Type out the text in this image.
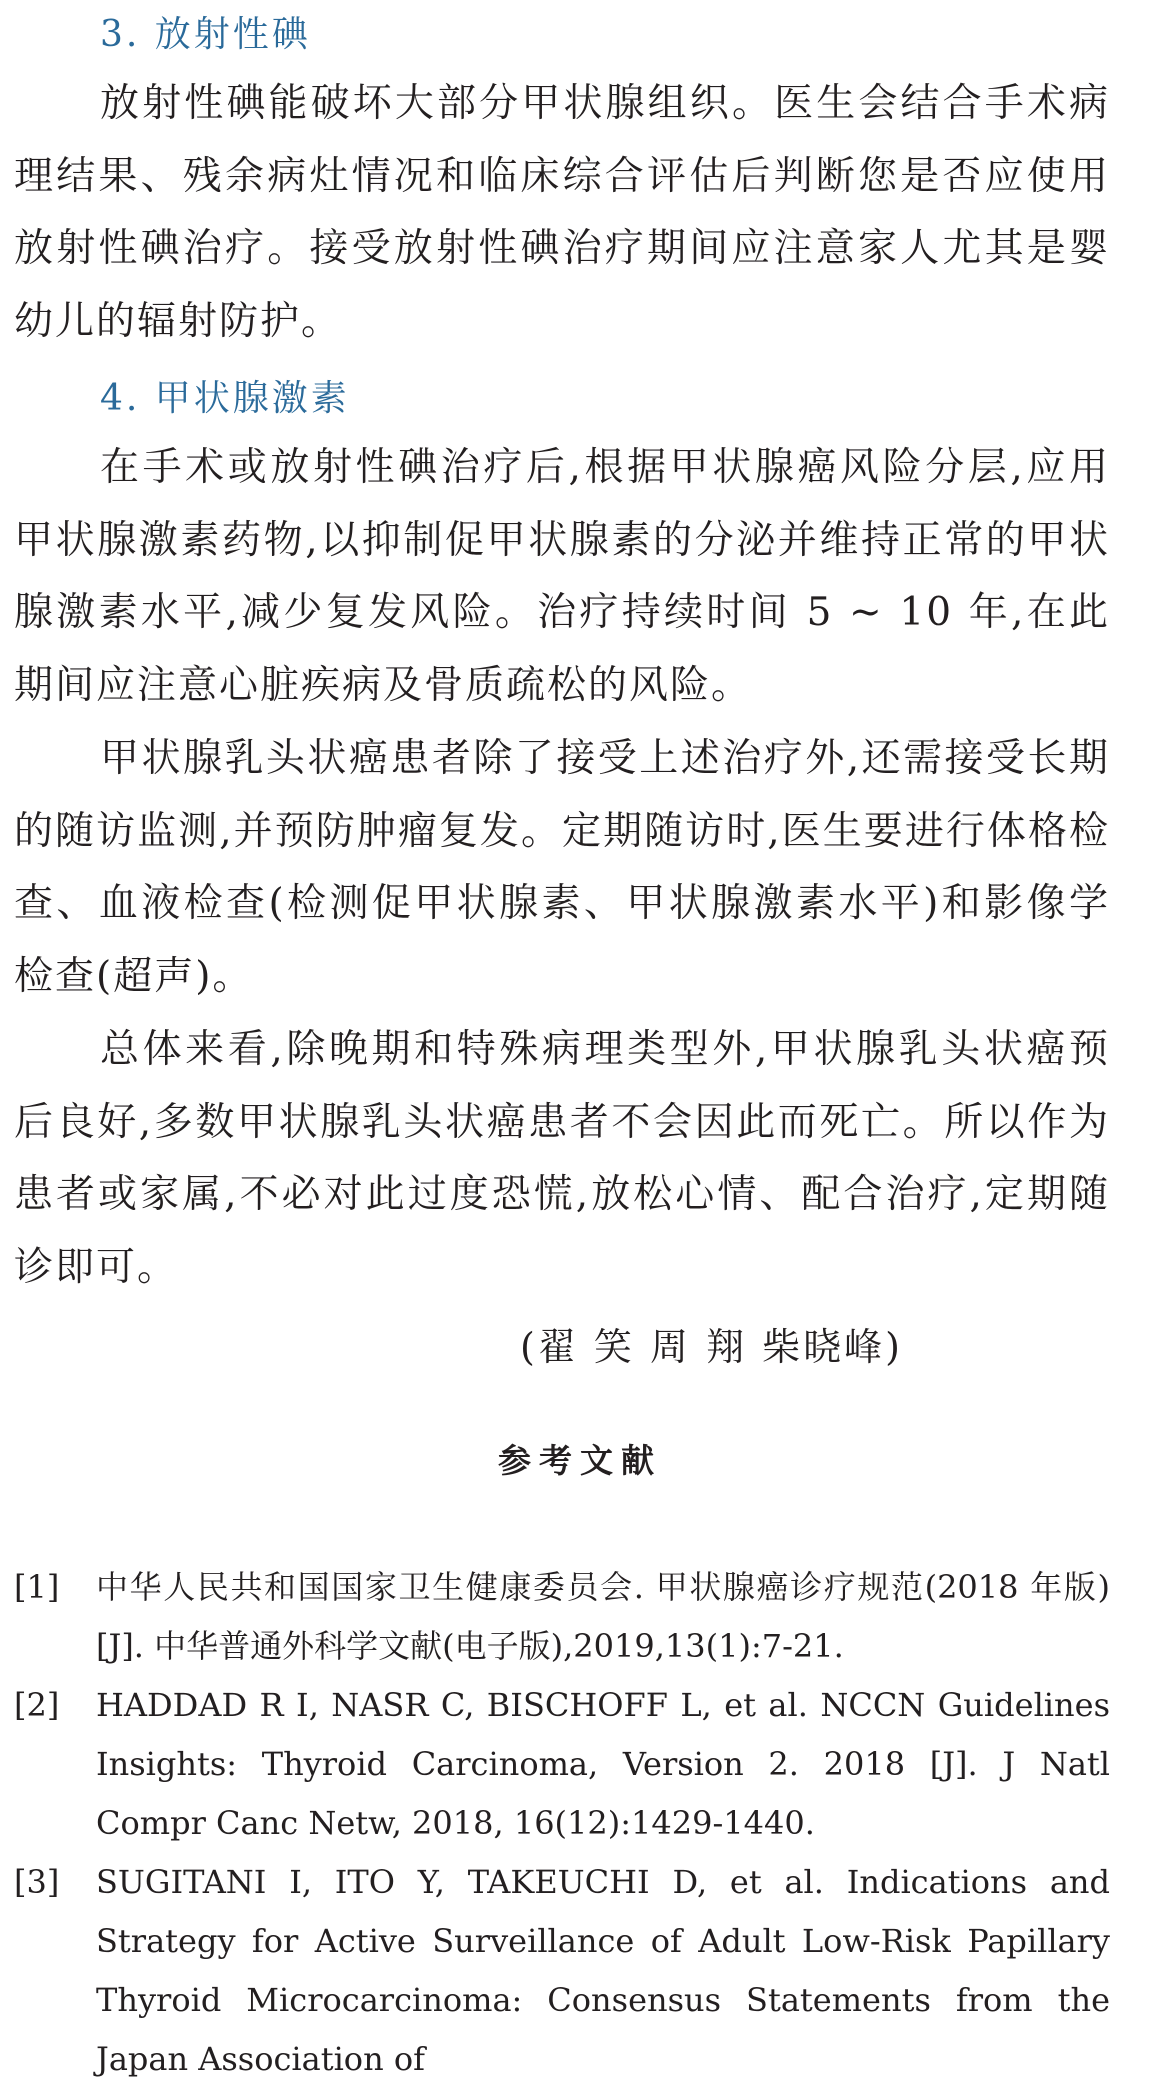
3. 放射性碘

放射性碘能破坏大部分甲状腺组织。医生会结合手术病理结果、残余病灶情况和临床综合评估后判断您是否应使用放射性碘治疗。接受放射性碘治疗期间应注意家人尤其是婴幼儿的辐射防护。

4. 甲状腺激素

在手术或放射性碘治疗后,根据甲状腺癌风险分层,应用甲状腺激素药物,以抑制促甲状腺素的分泌并维持正常的甲状腺激素水平,减少复发风险。治疗持续时间 5 ~ 10 年,在此期间应注意心脏疾病及骨质疏松的风险。

甲状腺乳头状癌患者除了接受上述治疗外,还需接受长期的随访监测,并预防肿瘤复发。定期随访时,医生要进行体格检查、血液检查(检测促甲状腺素、甲状腺激素水平)和影像学检查(超声)。

总体来看,除晚期和特殊病理类型外,甲状腺乳头状癌预后良好,多数甲状腺乳头状癌患者不会因此而死亡。所以作为患者或家属,不必对此过度恐慌,放松心情、配合治疗,定期随诊即可。

(翟 笑 周 翔 柴晓峰)

参考文献
[1] 中华人民共和国国家卫生健康委员会. 甲状腺癌诊疗规范(2018 年版)[J]. 中华普通外科学文献(电子版),2019,13(1):7-21.
[2] HADDAD R I, NASR C, BISCHOFF L, et al. NCCN Guidelines Insights: Thyroid Carcinoma, Version 2. 2018 [J]. J Natl Compr Canc Netw, 2018, 16(12):1429-1440.
[3] SUGITANI I, ITO Y, TAKEUCHI D, et al. Indications and Strategy for Active Surveillance of Adult Low-Risk Papillary Thyroid Microcarcinoma: Consensus Statements from the Japan Association of
